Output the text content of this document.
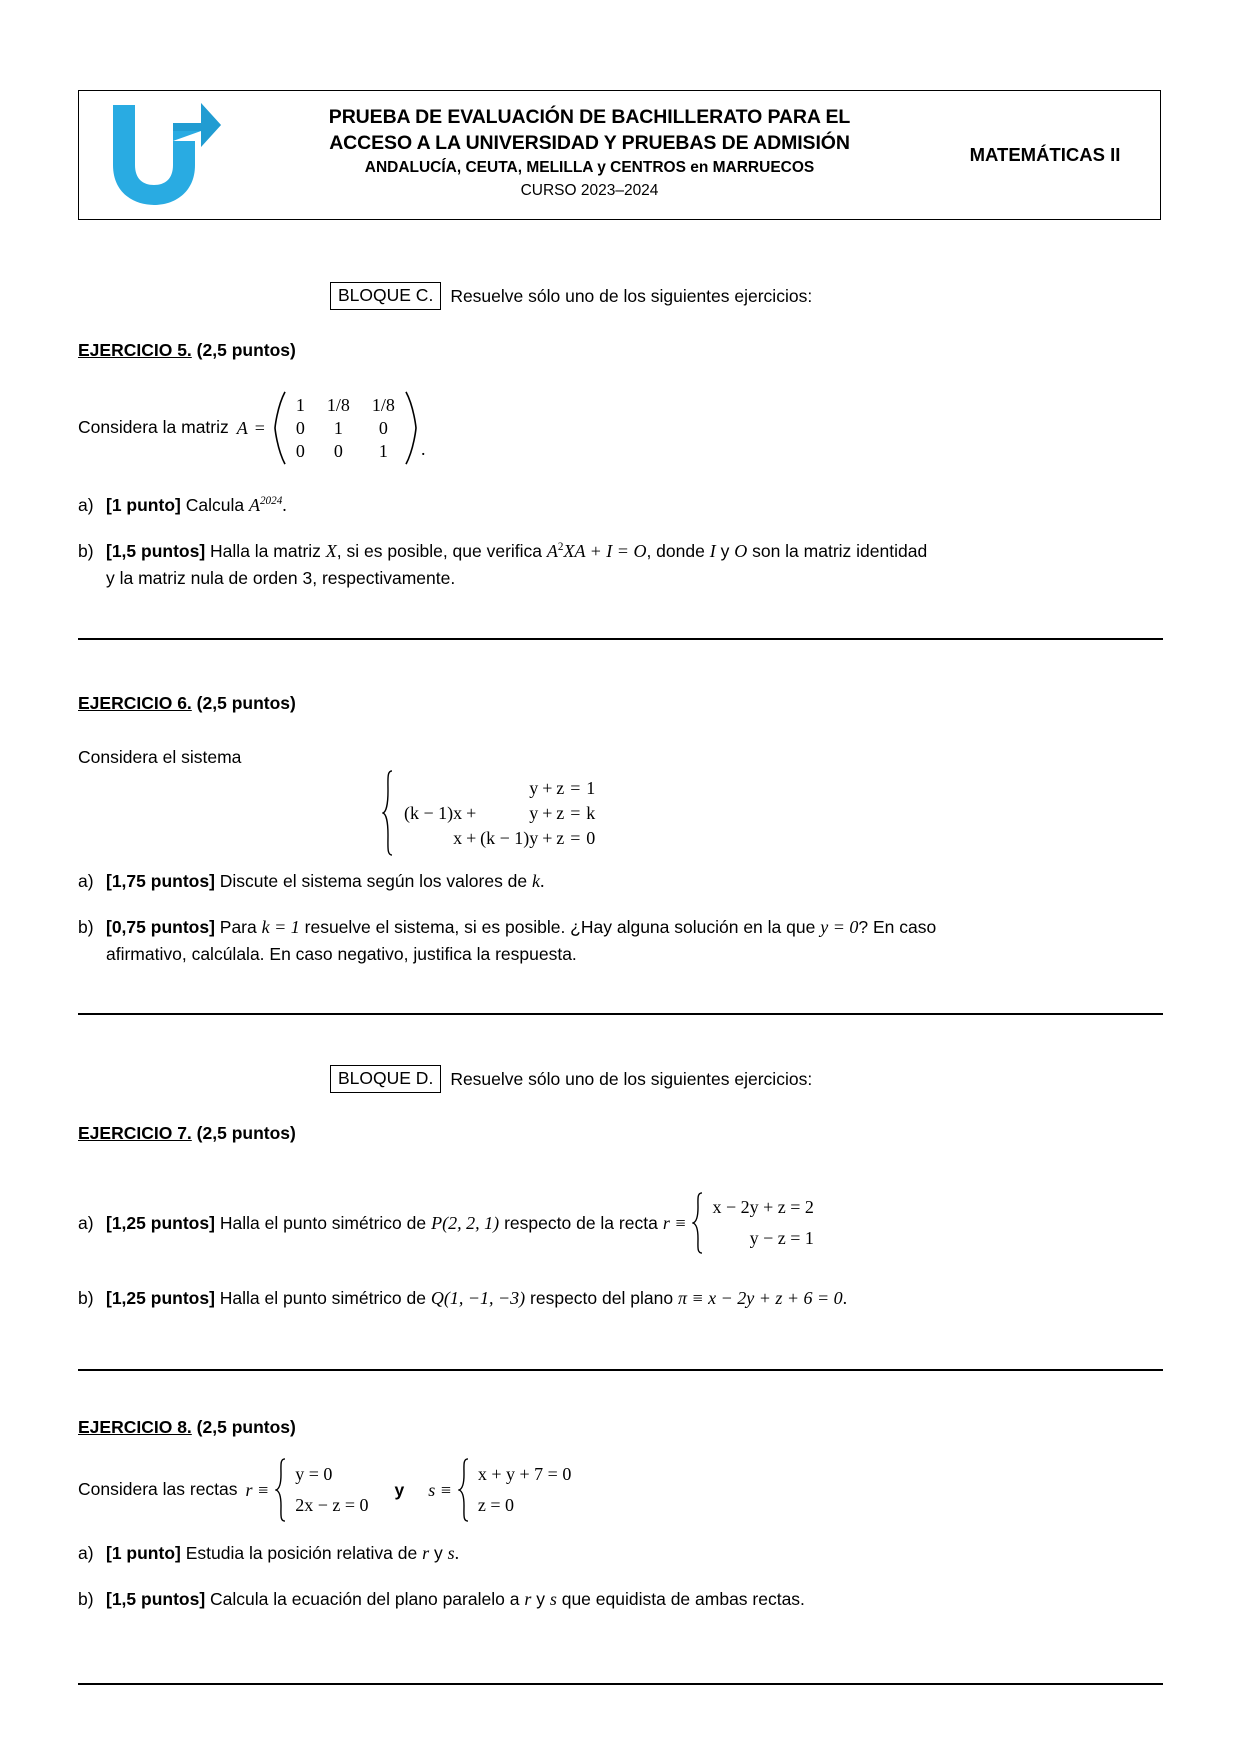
PRUEBA DE EVALUACIÓN DE BACHILLERATO PARA EL
ACCESO A LA UNIVERSIDAD Y PRUEBAS DE ADMISIÓN
ANDALUCÍA, CEUTA, MELILLA y CENTROS en MARRUECOS
CURSO 2023–2024
MATEMÁTICAS II
BLOQUE C. Resuelve sólo uno de los siguientes ejercicios:
EJERCICIO 5. (2,5 puntos)
Considera la matriz A =
1 1/8 1/8
0	1	0
0	0	1	.
a) [1 punto] Calcula $A^{2024}$.
b) [1,5 puntos] Halla la matriz X, si es posible, que verifica $A^2XA + I = O$, donde I y O son la matriz identidad
y la matriz nula de orden 3, respectivamente.
EJERCICIO 6. (2,5 puntos)
Considera el sistema
y + z = 1
(k − 1)x +	y + z = k
x + (k − 1)y + z = 0
a) [1,75 puntos] Discute el sistema según los valores de k.
b) [0,75 puntos] Para k = 1 resuelve el sistema, si es posible. ¿Hay alguna solución en la que y = 0? En caso
afirmativo, calcúlala. En caso negativo, justifica la respuesta.
BLOQUE D. Resuelve sólo uno de los siguientes ejercicios:
EJERCICIO 7. (2,5 puntos)
a) [1,25 puntos] Halla el punto simétrico de P(2, 2, 1) respecto de la recta r ≡
x − 2y + z = 2
y − z = 1
b) [1,25 puntos] Halla el punto simétrico de Q(1, −1, −3) respecto del plano π ≡ x − 2y + z + 6 = 0.
EJERCICIO 8. (2,5 puntos)
Considera las rectas r ≡
y = 0
2x − z = 0
y s ≡
x + y + 7 = 0
z = 0
a) [1 punto] Estudia la posición relativa de r y s.
b) [1,5 puntos] Calcula la ecuación del plano paralelo a r y s que equidista de ambas rectas.
